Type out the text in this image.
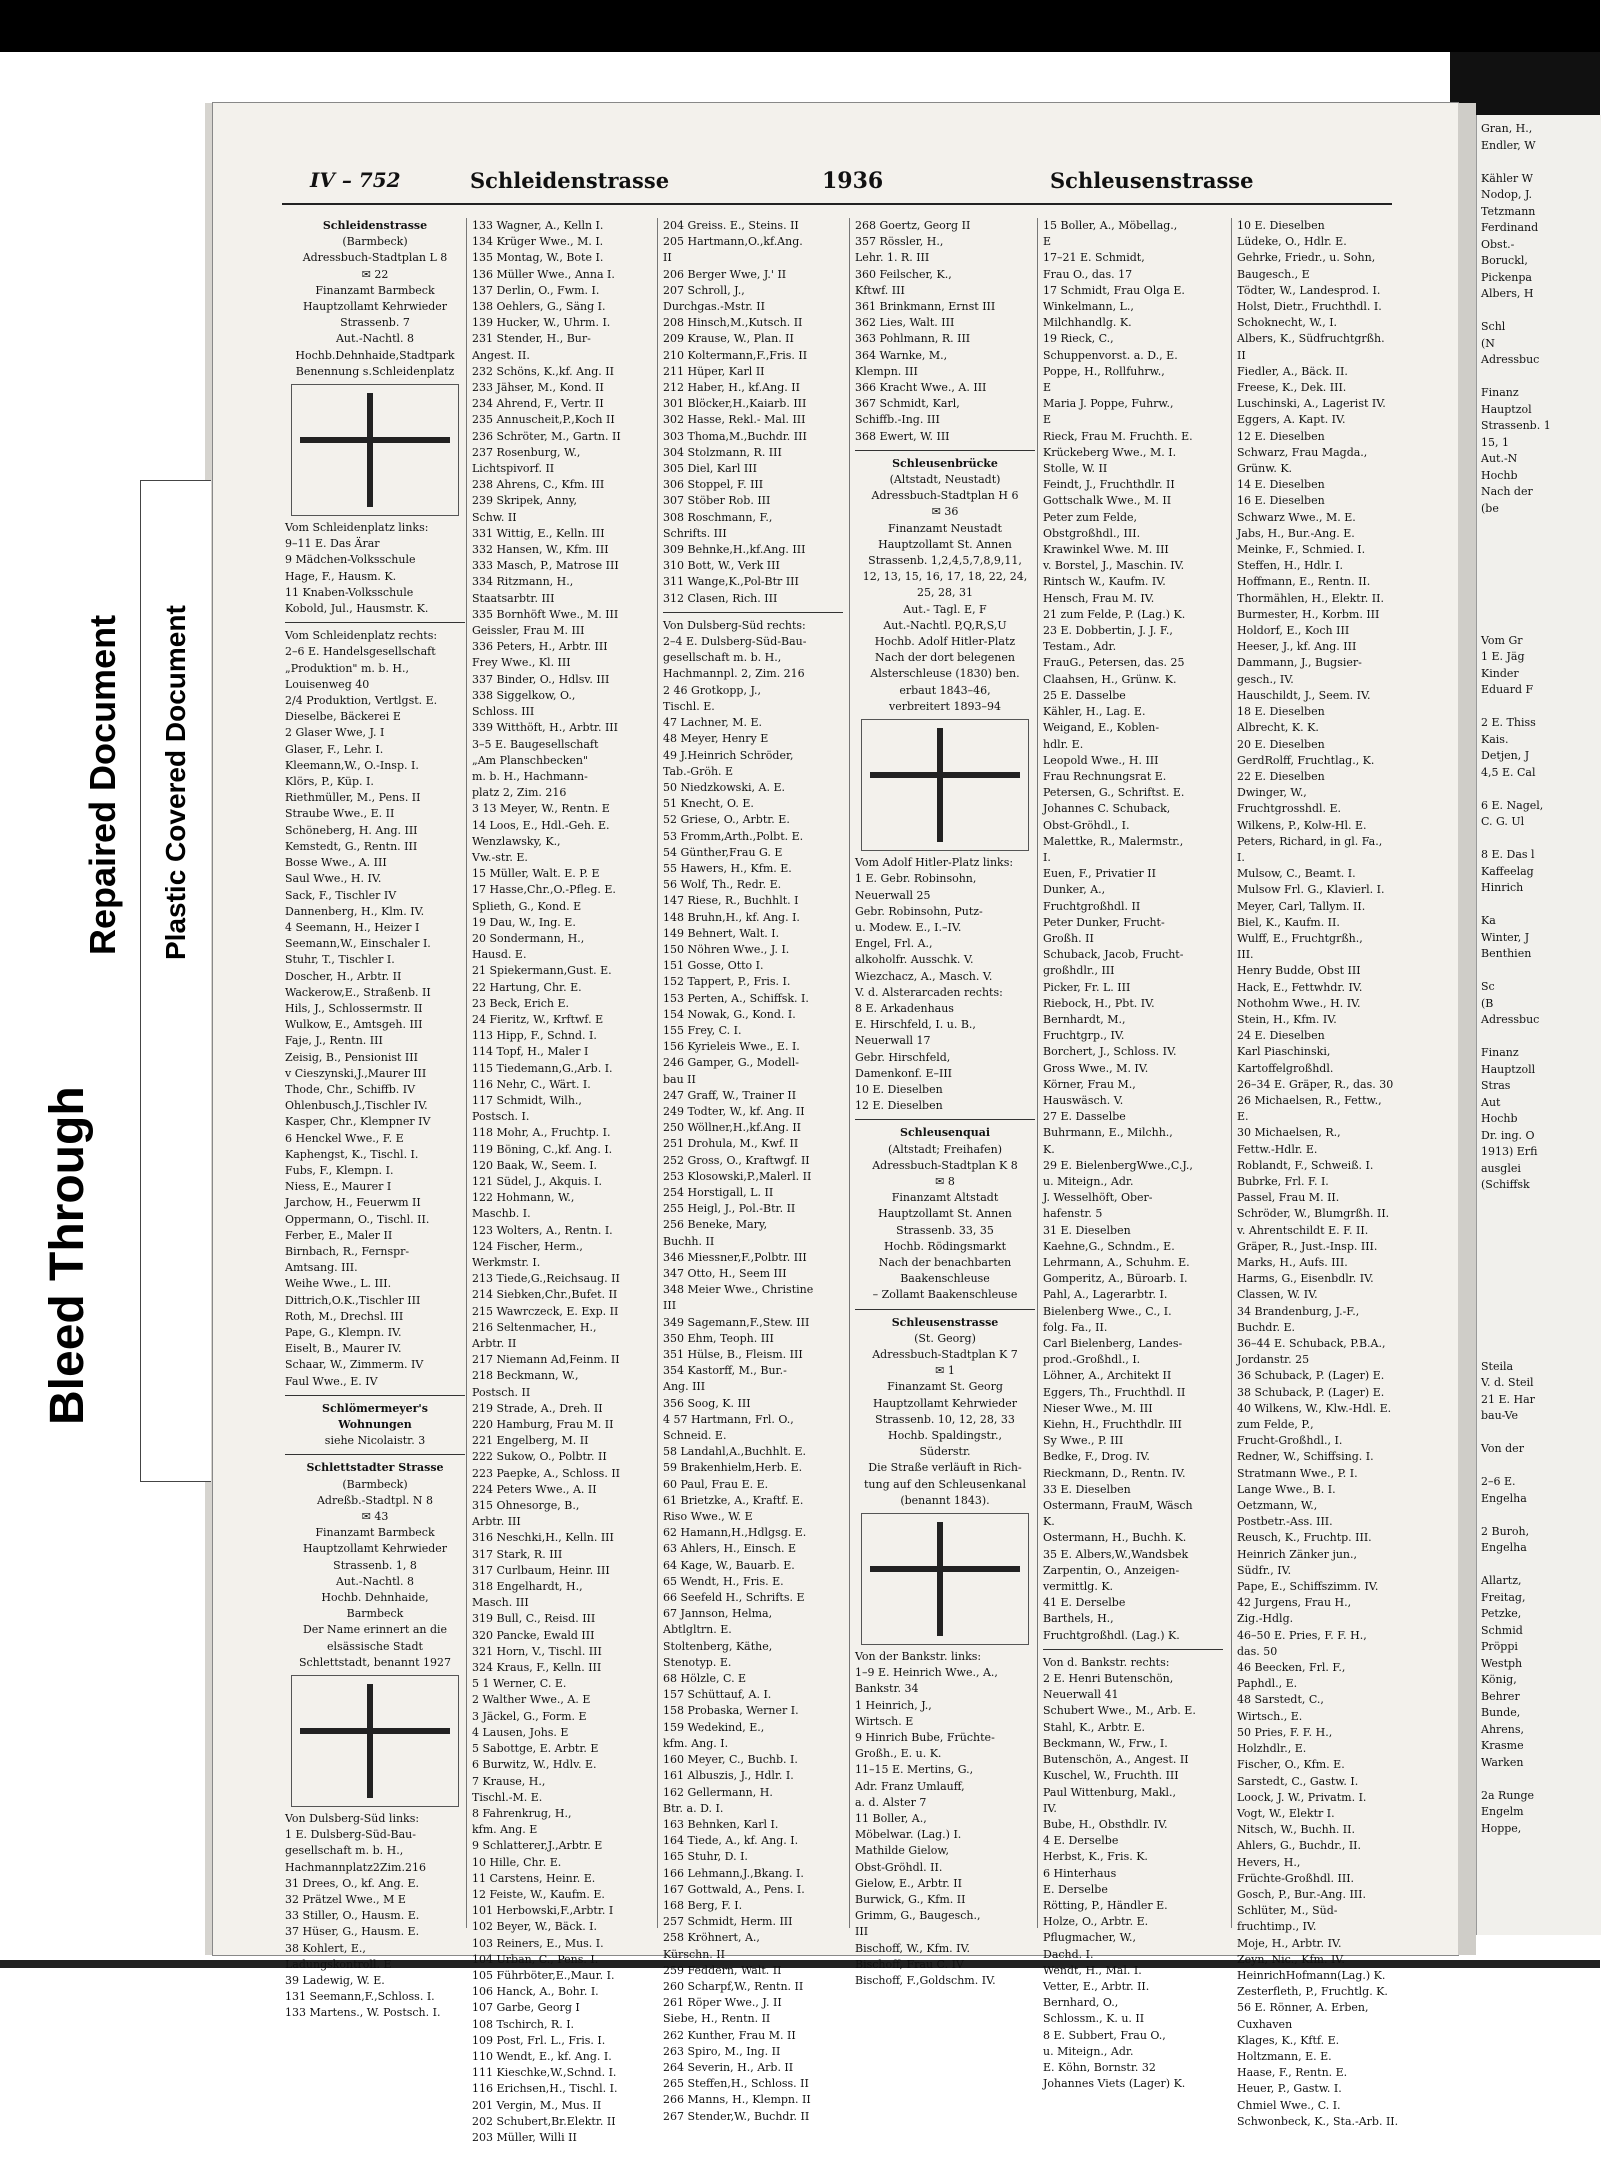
Gran, H.,
Endler, W

Kähler W
Nodop, J.
Tetzmann
Ferdinand
Obst.-
Boruckl,
Pickenpa
Albers, H

Schl
(N
Adressbuc

Finanz
Hauptzol
Strassenb. 1
15, 1
Aut.-N
Hochb
Nach der
(be

Vom Gr
1 E. Jäg
Kinder
Eduard F

2 E. Thiss
Kais.
Detjen, J
4,5 E. Cal

6 E. Nagel,
C. G. Ul

8 E. Das l
Kaffeelag
Hinrich

Ka
Winter, J
Benthien

Sc
(B
Adressbuc

Finanz
Hauptzoll
Stras
Aut
Hochb
Dr. ing. O
1913) Erfi
ausglei
(Schiffsk

Steila
V. d. Steil
21 E. Har
bau-Ve

Von der

2–6 E.
Engelha

2 Buroh,
Engelha

Allartz,
Freitag,
Petzke,
Schmid
Pröppi
Westph
König,
Behrer
Bunde,
Ahrens,
Krasme
Warken

2a Runge
Engelm
Hoppe,
Bleed Through
Repaired Document Plastic Covered Document
IV – 752	Schleidenstrasse	1936	Schleusenstrasse
Schleidenstrasse
(Barmbeck)
Adressbuch-Stadtplan L 8
✉ 22
Finanzamt Barmbeck
Hauptzollamt Kehrwieder
Strassenb. 7
Aut.-Nachtl. 8
Hochb.Dehnhaide,Stadtpark
Benennung s.Schleidenplatz
Vom Schleidenplatz links:
9–11 E. Das Ärar
9 Mädchen-Volksschule
Hage, F., Hausm. K.
11 Knaben-Volksschule
Kobold, Jul., Hausmstr. K.
Vom Schleidenplatz rechts:
2–6 E. Handelsgesellschaft
„Produktion" m. b. H.,
Louisenweg 40
2/4 Produktion, Vertlgst. E.
Dieselbe, Bäckerei E
2 Glaser Wwe, J. I
Glaser, F., Lehr. I.
Kleemann,W., O.-Insp. I.
Klörs, P., Küp. I.
Riethmüller, M., Pens. II
Straube Wwe., E. II
Schöneberg, H. Ang. III
Kemstedt, G., Rentn. III
Bosse Wwe., A. III
Saul Wwe., H. IV.
Sack, F., Tischler IV
Dannenberg, H., Klm. IV.
4 Seemann, H., Heizer I
Seemann,W., Einschaler I.
Stuhr, T., Tischler I.
Doscher, H., Arbtr. II
Wackerow,E., Straßenb. II
Hils, J., Schlossermstr. II
Wulkow, E., Amtsgeh. III
Faje, J., Rentn. III
Zeisig, B., Pensionist III
v Cieszynski,J.,Maurer III
Thode, Chr., Schiffb. IV
Ohlenbusch,J.,Tischler IV.
Kasper, Chr., Klempner IV
6 Henckel Wwe., F. E
Kaphengst, K., Tischl. I.
Fubs, F., Klempn. I.
Niess, E., Maurer I
Jarchow, H., Feuerwm II
Oppermann, O., Tischl. II.
Ferber, E., Maler II
Birnbach, R., Fernspr-
Amtsang. III.
Weihe Wwe., L. III.
Dittrich,O.K.,Tischler III
Roth, M., Drechsl. III
Pape, G., Klempn. IV.
Eiselt, B., Maurer IV.
Schaar, W., Zimmerm. IV
Faul Wwe., E. IV
Schlömermeyer's
Wohnungen
siehe Nicolaistr. 3
Schlettstadter Strasse
(Barmbeck)
Adreßb.-Stadtpl. N 8
✉ 43
Finanzamt Barmbeck
Hauptzollamt Kehrwieder
Strassenb. 1, 8
Aut.-Nachtl. 8
Hochb. Dehnhaide,
Barmbeck
Der Name erinnert an die
elsässische Stadt
Schlettstadt, benannt 1927
Von Dulsberg-Süd links:
1 E. Dulsberg-Süd-Bau-
gesellschaft m. b. H.,
Hachmannplatz2Zim.216
31 Drees, O., kf. Ang. E.
32 Prätzel Wwe., M E
33 Stiller, O., Hausm. E.
37 Hüser, G., Hausm. E.
38 Kohlert, E.,
Ladungskontroll. E
39 Ladewig, W. E.
131 Seemann,F.,Schloss. I.
133 Martens., W. Postsch. I.
133 Wagner, A., Kelln I.
134 Krüger Wwe., M. I.
135 Montag, W., Bote I.
136 Müller Wwe., Anna I.
137 Derlin, O., Fwm. I.
138 Oehlers, G., Säng I.
139 Hucker, W., Uhrm. I.
231 Stender, H., Bur-
Angest. II.
232 Schöns, K.,kf. Ang. II
233 Jähser, M., Kond. II
234 Ahrend, F., Vertr. II
235 Annuscheit,P.,Koch II
236 Schröter, M., Gartn. II
237 Rosenburg, W.,
Lichtspivorf. II
238 Ahrens, C., Kfm. III
239 Skripek, Anny,
Schw. II
331 Wittig, E., Kelln. III
332 Hansen, W., Kfm. III
333 Masch, P., Matrose III
334 Ritzmann, H.,
Staatsarbtr. III
335 Bornhöft Wwe., M. III
Geissler, Frau M. III
336 Peters, H., Arbtr. III
Frey Wwe., Kl. III
337 Binder, O., Hdlsv. III
338 Siggelkow, O.,
Schloss. III
339 Witthöft, H., Arbtr. III
3–5 E. Baugesellschaft
„Am Planschbecken"
m. b. H., Hachmann-
platz 2, Zim. 216
3 13 Meyer, W., Rentn. E
14 Loos, E., Hdl.-Geh. E.
Wenzlawsky, K.,
Vw.-str. E.
15 Müller, Walt. E. P. E
17 Hasse,Chr.,O.-Pfleg. E.
Splieth, G., Kond. E
19 Dau, W., Ing. E.
20 Sondermann, H.,
Hausd. E.
21 Spiekermann,Gust. E.
22 Hartung, Chr. E.
23 Beck, Erich E.
24 Fieritz, W., Krftwf. E
113 Hipp, F., Schnd. I.
114 Topf, H., Maler I
115 Tiedemann,G.,Arb. I.
116 Nehr, C., Wärt. I.
117 Schmidt, Wilh.,
Postsch. I.
118 Mohr, A., Fruchtp. I.
119 Böning, C.,kf. Ang. I.
120 Baak, W., Seem. I.
121 Südel, J., Akquis. I.
122 Hohmann, W.,
Maschb. I.
123 Wolters, A., Rentn. I.
124 Fischer, Herm.,
Werkmstr. I.
213 Tiede,G.,Reichsaug. II
214 Siebken,Chr.,Bufet. II
215 Wawrczeck, E. Exp. II
216 Seltenmacher, H.,
Arbtr. II
217 Niemann Ad,Feinm. II
218 Beckmann, W.,
Postsch. II
219 Strade, A., Dreh. II
220 Hamburg, Frau M. II
221 Engelberg, M. II
222 Sukow, O., Polbtr. II
223 Paepke, A., Schloss. II
224 Peters Wwe., A. II
315 Ohnesorge, B.,
Arbtr. III
316 Neschki,H., Kelln. III
317 Stark, R. III
317 Curlbaum, Heinr. III
318 Engelhardt, H.,
Masch. III
319 Bull, C., Reisd. III
320 Pancke, Ewald III
321 Horn, V., Tischl. III
324 Kraus, F., Kelln. III
5 1 Werner, C. E.
2 Walther Wwe., A. E
3 Jäckel, G., Form. E
4 Lausen, Johs. E
5 Sabottge, E. Arbtr. E
6 Burwitz, W., Hdlv. E.
7 Krause, H.,
Tischl.-M. E.
8 Fahrenkrug, H.,
kfm. Ang. E
9 Schlatterer,J.,Arbtr. E
10 Hille, Chr. E.
11 Carstens, Heinr. E.
12 Feiste, W., Kaufm. E.
101 Herbowski,F.,Arbtr. I
102 Beyer, W., Bäck. I.
103 Reiners, E., Mus. I.
104 Urban, C., Pens. I.
105 Führböter,E.,Maur. I.
106 Hanck, A., Bohr. I.
107 Garbe, Georg I
108 Tschirch, R. I.
109 Post, Frl. L., Fris. I.
110 Wendt, E., kf. Ang. I.
111 Kieschke,W.,Schnd. I.
116 Erichsen,H., Tischl. I.
201 Vergin, M., Mus. II
202 Schubert,Br.Elektr. II
203 Müller, Willi II
204 Greiss. E., Steins. II
205 Hartmann,O.,kf.Ang.
II
206 Berger Wwe, J.' II
207 Schroll, J.,
Durchgas.-Mstr. II
208 Hinsch,M.,Kutsch. II
209 Krause, W., Plan. II
210 Koltermann,F.,Fris. II
211 Hüper, Karl II
212 Haber, H., kf.Ang. II
301 Blöcker,H.,Kaiarb. III
302 Hasse, Rekl.- Mal. III
303 Thoma,M.,Buchdr. III
304 Stolzmann, R. III
305 Diel, Karl III
306 Stoppel, F. III
307 Stöber Rob. III
308 Roschmann, F.,
Schrifts. III
309 Behnke,H.,kf.Ang. III
310 Bott, W., Verk III
311 Wange,K.,Pol-Btr III
312 Clasen, Rich. III
Von Dulsberg-Süd rechts:
2–4 E. Dulsberg-Süd-Bau-
gesellschaft m. b. H.,
Hachmannpl. 2, Zim. 216
2 46 Grotkopp, J.,
Tischl. E.
47 Lachner, M. E.
48 Meyer, Henry E
49 J.Heinrich Schröder,
Tab.-Gröh. E
50 Niedzkowski, A. E.
51 Knecht, O. E.
52 Griese, O., Arbtr. E.
53 Fromm,Arth.,Polbt. E.
54 Günther,Frau G. E
55 Hawers, H., Kfm. E.
56 Wolf, Th., Redr. E.
147 Riese, R., Buchhlt. I
148 Bruhn,H., kf. Ang. I.
149 Behnert, Walt. I.
150 Nöhren Wwe., J. I.
151 Gosse, Otto I.
152 Tappert, P., Fris. I.
153 Perten, A., Schiffsk. I.
154 Nowak, G., Kond. I.
155 Frey, C. I.
156 Kyrieleis Wwe., E. I.
246 Gamper, G., Modell-
bau II
247 Graff, W., Trainer II
249 Todter, W., kf. Ang. II
250 Wöllner,H.,kf.Ang. II
251 Drohula, M., Kwf. II
252 Gross, O., Kraftwgf. II
253 Klosowski,P.,Malerl. II
254 Horstigall, L. II
255 Heigl, J., Pol.-Btr. II
256 Beneke, Mary,
Buchh. II
346 Miessner,F.,Polbtr. III
347 Otto, H., Seem III
348 Meier Wwe., Christine
III
349 Sagemann,F.,Stew. III
350 Ehm, Teoph. III
351 Hülse, B., Fleism. III
354 Kastorff, M., Bur.-
Ang. III
356 Soog, K. III
4 57 Hartmann, Frl. O.,
Schneid. E.
58 Landahl,A.,Buchhlt. E.
59 Brakenhielm,Herb. E.
60 Paul, Frau E. E.
61 Brietzke, A., Kraftf. E.
Riso Wwe., W. E
62 Hamann,H.,Hdlgsg. E.
63 Ahlers, H., Einsch. E
64 Kage, W., Bauarb. E.
65 Wendt, H., Fris. E.
66 Seefeld H., Schrifts. E
67 Jannson, Helma,
Abtlgltrn. E.
Stoltenberg, Käthe,
Stenotyp. E.
68 Hölzle, C. E
157 Schüttauf, A. I.
158 Probaska, Werner I.
159 Wedekind, E.,
kfm. Ang. I.
160 Meyer, C., Buchb. I.
161 Albuszis, J., Hdlr. I.
162 Gellermann, H.
Btr. a. D. I.
163 Behnken, Karl I.
164 Tiede, A., kf. Ang. I.
165 Stuhr, D. I.
166 Lehmann,J.,Bkang. I.
167 Gottwald, A., Pens. I.
168 Berg, F. I.
257 Schmidt, Herm. III
258 Kröhnert, A.,
Kürschn. II
259 Feddern, Walt. II
260 Scharpf,W., Rentn. II
261 Röper Wwe., J. II
Siebe, H., Rentn. II
262 Kunther, Frau M. II
263 Spiro, M., Ing. II
264 Severin, H., Arb. II
265 Steffen,H., Schloss. II
266 Manns, H., Klempn. II
267 Stender,W., Buchdr. II
268 Goertz, Georg II
357 Rössler, H.,
Lehr. 1. R. III
360 Feilscher, K.,
Kftwf. III
361 Brinkmann, Ernst III
362 Lies, Walt. III
363 Pohlmann, R. III
364 Warnke, M.,
Klempn. III
366 Kracht Wwe., A. III
367 Schmidt, Karl,
Schiffb.-Ing. III
368 Ewert, W. III
Schleusenbrücke
(Altstadt, Neustadt)
Adressbuch-Stadtplan H 6
✉ 36
Finanzamt Neustadt
Hauptzollamt St. Annen
Strassenb. 1,2,4,5,7,8,9,11,
12, 13, 15, 16, 17, 18, 22, 24,
25, 28, 31
Aut.- Tagl. E, F
Aut.-Nachtl. P,Q,R,S,U
Hochb. Adolf Hitler-Platz
Nach der dort belegenen
Alsterschleuse (1830) ben.
erbaut 1843–46,
verbreitert 1893–94
Vom Adolf Hitler-Platz links:
1 E. Gebr. Robinsohn,
Neuerwall 25
Gebr. Robinsohn, Putz-
u. Modew. E., I.–IV.
Engel, Frl. A.,
alkoholfr. Ausschk. V.
Wiezchacz, A., Masch. V.
V. d. Alsterarcaden rechts:
8 E. Arkadenhaus
E. Hirschfeld, I. u. B.,
Neuerwall 17
Gebr. Hirschfeld,
Damenkonf. E–III
10 E. Dieselben
12 E. Dieselben
Schleusenquai
(Altstadt; Freihafen)
Adressbuch-Stadtplan K 8
✉ 8
Finanzamt Altstadt
Hauptzollamt St. Annen
Strassenb. 33, 35
Hochb. Rödingsmarkt
Nach der benachbarten
Baakenschleuse
– Zollamt Baakenschleuse
Schleusenstrasse
(St. Georg)
Adressbuch-Stadtplan K 7
✉ 1
Finanzamt St. Georg
Hauptzollamt Kehrwieder
Strassenb. 10, 12, 28, 33
Hochb. Spaldingstr.,
Süderstr.
Die Straße verläuft in Rich-
tung auf den Schleusenkanal
(benannt 1843).
Von der Bankstr. links:
1–9 E. Heinrich Wwe., A.,
Bankstr. 34
1 Heinrich, J.,
Wirtsch. E
9 Hinrich Bube, Früchte-
Großh., E. u. K.
11–15 E. Mertins, G.,
Adr. Franz Umlauff,
a. d. Alster 7
11 Boller, A.,
Möbelwar. (Lag.) I.
Mathilde Gielow,
Obst-Gröhdl. II.
Gielow, E., Arbtr. II
Burwick, G., Kfm. II
Grimm, G., Baugesch.,
III
Bischoff, W., Kfm. IV.
Bischoff, Frau C. IV
Bischoff, F.,Goldschm. IV.
15 Boller, A., Möbellag.,
E
17–21 E. Schmidt,
Frau O., das. 17
17 Schmidt, Frau Olga E.
Winkelmann, L.,
Milchhandlg. K.
19 Rieck, C.,
Schuppenvorst. a. D., E.
Poppe, H., Rollfuhrw.,
E
Maria J. Poppe, Fuhrw.,
E
Rieck, Frau M. Fruchth. E.
Krückeberg Wwe., M. I.
Stolle, W. II
Feindt, J., Fruchthdlr. II
Gottschalk Wwe., M. II
Peter zum Felde,
Obstgroßhdl., III.
Krawinkel Wwe. M. III
v. Borstel, J., Maschin. IV.
Rintsch W., Kaufm. IV.
Hensch, Frau M. IV.
21 zum Felde, P. (Lag.) K.
23 E. Dobbertin, J. J. F.,
Testam., Adr.
FrauG., Petersen, das. 25
Claahsen, H., Grünw. K.
25 E. Dasselbe
Kähler, H., Lag. E.
Weigand, E., Koblen-
hdlr. E.
Leopold Wwe., H. III
Frau Rechnungsrat E.
Petersen, G., Schriftst. E.
Johannes C. Schuback,
Obst-Gröhdl., I.
Malettke, R., Malermstr.,
I.
Euen, F., Privatier II
Dunker, A.,
Fruchtgroßhdl. II
Peter Dunker, Frucht-
Großh. II
Schuback, Jacob, Frucht-
großhdlr., III
Picker, Fr. L. III
Riebock, H., Pbt. IV.
Bernhardt, M.,
Fruchtgrp., IV.
Borchert, J., Schloss. IV.
Gross Wwe., M. IV.
Körner, Frau M.,
Hauswäsch. V.
27 E. Dasselbe
Buhrmann, E., Milchh.,
K.
29 E. BielenbergWwe.,C.J.,
u. Miteign., Adr.
J. Wesselhöft, Ober-
hafenstr. 5
31 E. Dieselben
Kaehne,G., Schndm., E.
Lehrmann, A., Schuhm. E.
Gomperitz, A., Büroarb. I.
Pahl, A., Lagerarbtr. I.
Bielenberg Wwe., C., I.
folg. Fa., II.
Carl Bielenberg, Landes-
prod.-Großhdl., I.
Löhner, A., Architekt II
Eggers, Th., Fruchthdl. II
Nieser Wwe., M. III
Kiehn, H., Fruchthdlr. III
Sy Wwe., P. III
Bedke, F., Drog. IV.
Rieckmann, D., Rentn. IV.
33 E. Dieselben
Ostermann, FrauM, Wäsch
K.
Ostermann, H., Buchh. K.
35 E. Albers,W.,Wandsbek
Zarpentin, O., Anzeigen-
vermittlg. K.
41 E. Derselbe
Barthels, H.,
Fruchtgroßhdl. (Lag.) K.
Von d. Bankstr. rechts:
2 E. Henri Butenschön,
Neuerwall 41
Schubert Wwe., M., Arb. E.
Stahl, K., Arbtr. E.
Beckmann, W., Frw., I.
Butenschön, A., Angest. II
Kuschel, W., Fruchth. III
Paul Wittenburg, Makl.,
IV.
Bube, H., Obsthdlr. IV.
4 E. Derselbe
Herbst, K., Fris. K.
6 Hinterhaus
E. Derselbe
Rötting, P., Händler E.
Holze, O., Arbtr. E.
Pflugmacher, W.,
Dachd. I.
Wendt, H., Mal. I.
Vetter, E., Arbtr. II.
Bernhard, O.,
Schlossm., K. u. II
8 E. Subbert, Frau O.,
u. Miteign., Adr.
E. Köhn, Bornstr. 32
Johannes Viets (Lager) K.
10 E. Dieselben
Lüdeke, O., Hdlr. E.
Gehrke, Friedr., u. Sohn,
Baugesch., E
Tödter, W., Landesprod. I.
Holst, Dietr., Fruchthdl. I.
Schoknecht, W., I.
Albers, K., Südfruchtgrßh.
II
Fiedler, A., Bäck. II.
Freese, K., Dek. III.
Luschinski, A., Lagerist IV.
Eggers, A. Kapt. IV.
12 E. Dieselben
Schwarz, Frau Magda.,
Grünw. K.
14 E. Dieselben
16 E. Dieselben
Schwarz Wwe., M. E.
Jabs, H., Bur.-Ang. E.
Meinke, F., Schmied. I.
Steffen, H., Hdlr. I.
Hoffmann, E., Rentn. II.
Thormählen, H., Elektr. II.
Burmester, H., Korbm. III
Holdorf, E., Koch III
Heeser, J., kf. Ang. III
Dammann, J., Bugsier-
gesch., IV.
Hauschildt, J., Seem. IV.
18 E. Dieselben
Albrecht, K. K.
20 E. Dieselben
GerdRolff, Fruchtlag., K.
22 E. Dieselben
Dwinger, W.,
Fruchtgrosshdl. E.
Wilkens, P., Kolw-Hl. E.
Peters, Richard, in gl. Fa.,
I.
Mulsow, C., Beamt. I.
Mulsow Frl. G., Klavierl. I.
Meyer, Carl, Tallym. II.
Biel, K., Kaufm. II.
Wulff, E., Fruchtgrßh.,
III.
Henry Budde, Obst III
Hack, E., Fettwhdr. IV.
Nothohm Wwe., H. IV.
Stein, H., Kfm. IV.
24 E. Dieselben
Karl Piaschinski,
Kartoffelgroßhdl.
26–34 E. Gräper, R., das. 30
26 Michaelsen, R., Fettw.,
E.
30 Michaelsen, R.,
Fettw.-Hdlr. E.
Roblandt, F., Schweiß. I.
Bubrke, Frl. F. I.
Passel, Frau M. II.
Schröder, W., Blumgrßh. II.
v. Ahrentschildt E. F. II.
Gräper, R., Just.-Insp. III.
Marks, H., Aufs. III.
Harms, G., Eisenbdlr. IV.
Classen, W. IV.
34 Brandenburg, J.-F.,
Buchdr. E.
36–44 E. Schuback, P.B.A.,
Jordanstr. 25
36 Schuback, P. (Lager) E.
38 Schuback, P. (Lager) E.
40 Wilkens, W., Klw.-Hdl. E.
zum Felde, P.,
Frucht-Großhdl., I.
Redner, W., Schiffsing. I.
Stratmann Wwe., P. I.
Lange Wwe., B. I.
Oetzmann, W.,
Postbetr.-Ass. III.
Reusch, K., Fruchtp. III.
Heinrich Zänker jun.,
Südfr., IV.
Pape, E., Schiffszimm. IV.
42 Jurgens, Frau H.,
Zig.-Hdlg.
46–50 E. Pries, F. F. H.,
das. 50
46 Beecken, Frl. F.,
Paphdl., E.
48 Sarstedt, C.,
Wirtsch., E.
50 Pries, F. F. H.,
Holzhdlr., E.
Fischer, O., Kfm. E.
Sarstedt, C., Gastw. I.
Loock, J. W., Privatm. I.
Vogt, W., Elektr I.
Nitsch, W., Buchh. II.
Ahlers, G., Buchdr., II.
Hevers, H.,
Früchte-Großhdl. III.
Gosch, P., Bur.-Ang. III.
Schlüter, M., Süd-
fruchtimp., IV.
Moje, H., Arbtr. IV.
Zeyn, Nic., Kfm. IV.
HeinrichHofmann(Lag.) K.
Zesterfleth, P., Fruchtlg. K.
56 E. Rönner, A. Erben,
Cuxhaven
Klages, K., Kftf. E.
Holtzmann, E. E.
Haase, F., Rentn. E.
Heuer, P., Gastw. I.
Chmiel Wwe., C. I.
Schwonbeck, K., Sta.-Arb. II.
